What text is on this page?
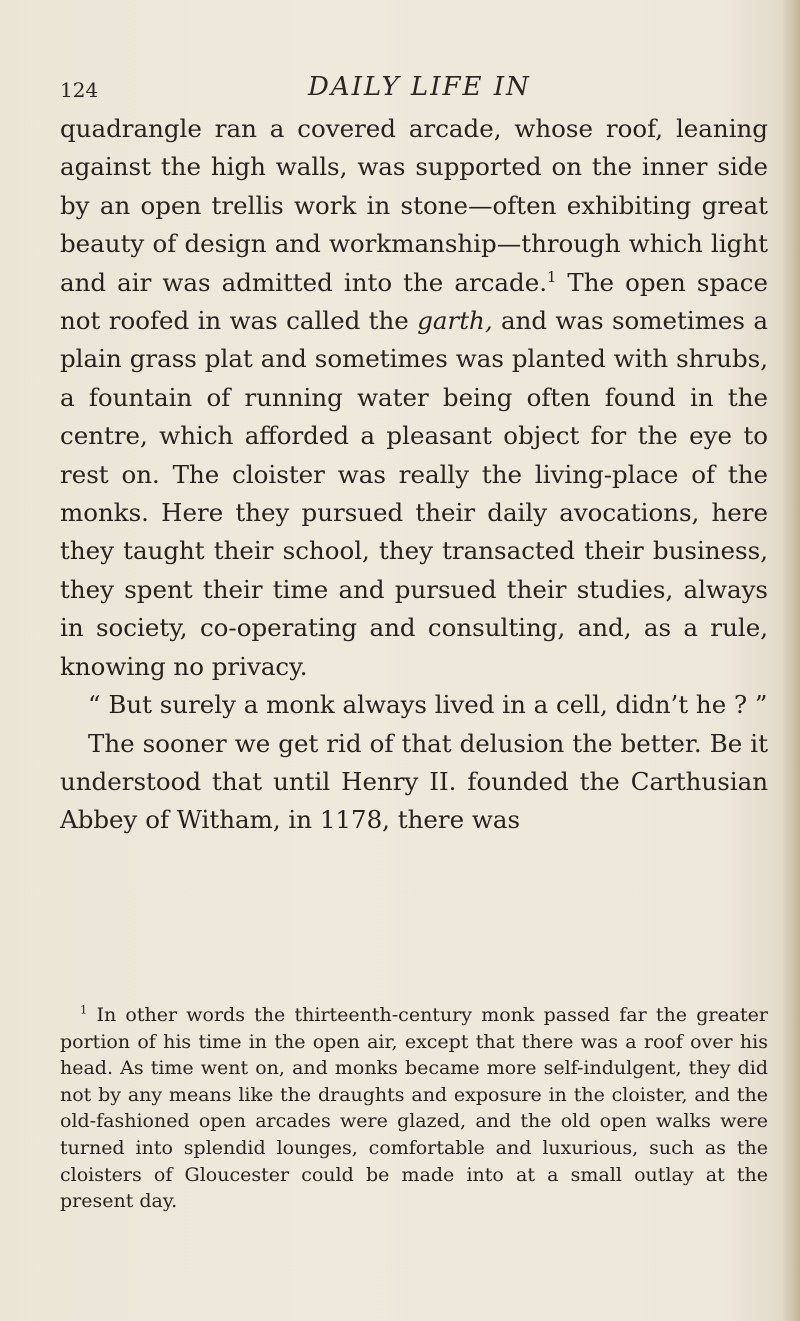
124	DAILY LIFE IN

quadrangle ran a covered arcade, whose roof, leaning against the high walls, was supported on the inner side by an open trellis work in stone—often exhibiting great beauty of design and workmanship—through which light and air was admitted into the arcade.$^1$ The open space not roofed in was called the garth, and was sometimes a plain grass plat and sometimes was planted with shrubs, a fountain of running water being often found in the centre, which afforded a pleasant object for the eye to rest on. The cloister was really the living-place of the monks. Here they pursued their daily avocations, here they taught their school, they transacted their business, they spent their time and pursued their studies, always in society, co-operating and consulting, and, as a rule, knowing no privacy.

“ But surely a monk always lived in a cell, didn’t he ? ”

The sooner we get rid of that delusion the better. Be it understood that until Henry II. founded the Carthusian Abbey of Witham, in 1178, there was

$^1$ In other words the thirteenth-century monk passed far the greater portion of his time in the open air, except that there was a roof over his head. As time went on, and monks became more self-indulgent, they did not by any means like the draughts and exposure in the cloister, and the old-fashioned open arcades were glazed, and the old open walks were turned into splendid lounges, comfortable and luxurious, such as the cloisters of Gloucester could be made into at a small outlay at the present day.
